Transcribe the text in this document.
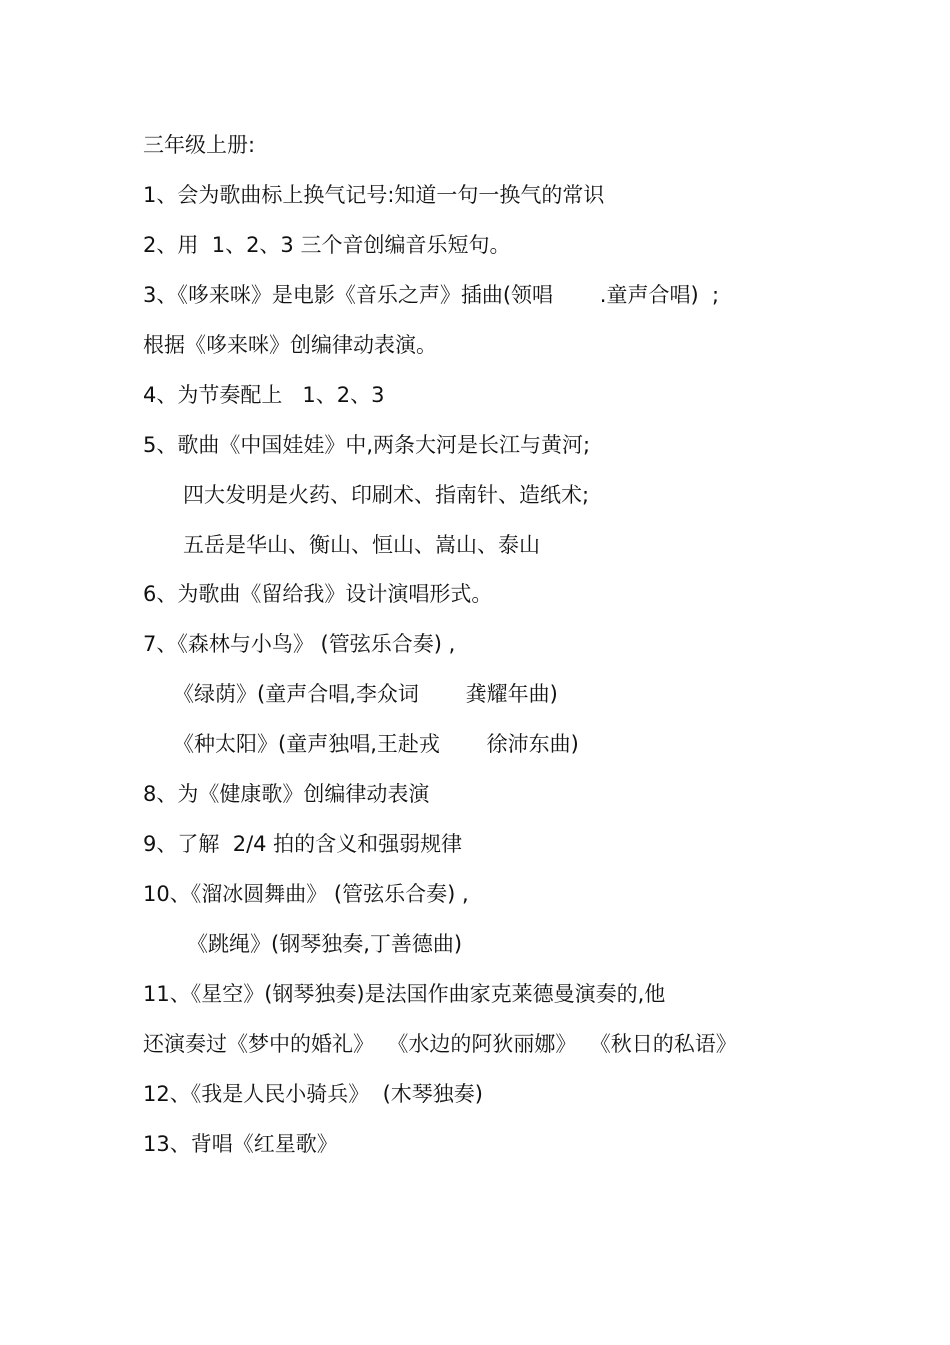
三年级上册:
1、会为歌曲标上换气记号:知道一句一换气的常识
2、用  1、2、3 三个音创编音乐短句。
3、《哆来咪》是电影《音乐之声》插曲(领唱       .童声合唱)  ;
根据《哆来咪》创编律动表演。
4、为节奏配上   1、2、3
5、歌曲《中国娃娃》中,两条大河是长江与黄河;
四大发明是火药、印刷术、指南针、造纸术;
五岳是华山、衡山、恒山、嵩山、泰山
6、为歌曲《留给我》设计演唱形式。
7、《森林与小鸟》 (管弦乐合奏) ,
《绿荫》(童声合唱,李众词       龚耀年曲)
《种太阳》(童声独唱,王赴戎       徐沛东曲)
8、为《健康歌》创编律动表演
9、了解  2/4 拍的含义和强弱规律
10、《溜冰圆舞曲》 (管弦乐合奏) ,
《跳绳》(钢琴独奏,丁善德曲)
11、《星空》(钢琴独奏)是法国作曲家克莱德曼演奏的,他
还演奏过《梦中的婚礼》  《水边的阿狄丽娜》  《秋日的私语》
12、《我是人民小骑兵》  (木琴独奏)
13、背唱《红星歌》
